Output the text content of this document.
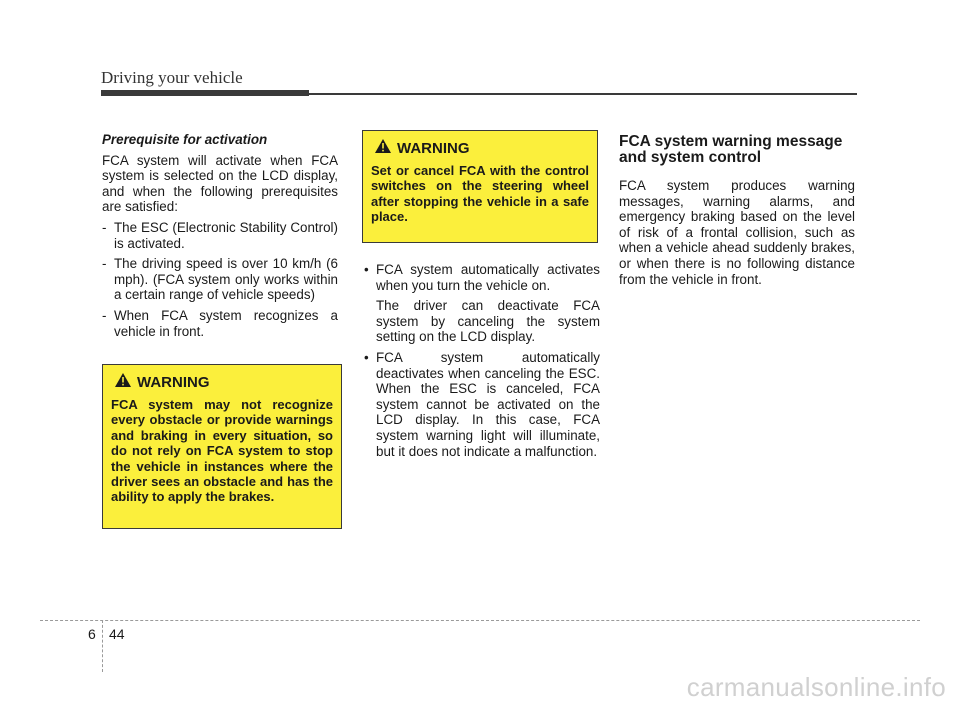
Driving your vehicle
Prerequisite for activation

FCA system will activate when FCA system is selected on the LCD display, and when the following prerequisites are satisfied:

- The ESC (Electronic Stability Control) is activated.
- The driving speed is over 10 km/h (6 mph). (FCA system only works within a certain range of vehicle speeds)
- When FCA system recognizes a vehicle in front.
WARNING

FCA system may not recognize every obstacle or provide warnings and braking in every situation, so do not rely on FCA system to stop the vehicle in instances where the driver sees an obstacle and has the ability to apply the brakes.

WARNING

Set or cancel FCA with the control switches on the steering wheel after stopping the vehicle in a safe place.

• FCA system automatically activates when you turn the vehicle on.
The driver can deactivate FCA system by canceling the system setting on the LCD display.
• FCA system automatically deactivates when canceling the ESC. When the ESC is canceled, FCA system cannot be activated on the LCD display. In this case, FCA system warning light will illuminate, but it does not indicate a malfunction.
FCA system warning message and system control

FCA system produces warning messages, warning alarms, and emergency braking based on the level of risk of a frontal collision, such as when a vehicle ahead suddenly brakes, or when there is no following distance from the vehicle in front.

6 44
carmanualsonline.info
